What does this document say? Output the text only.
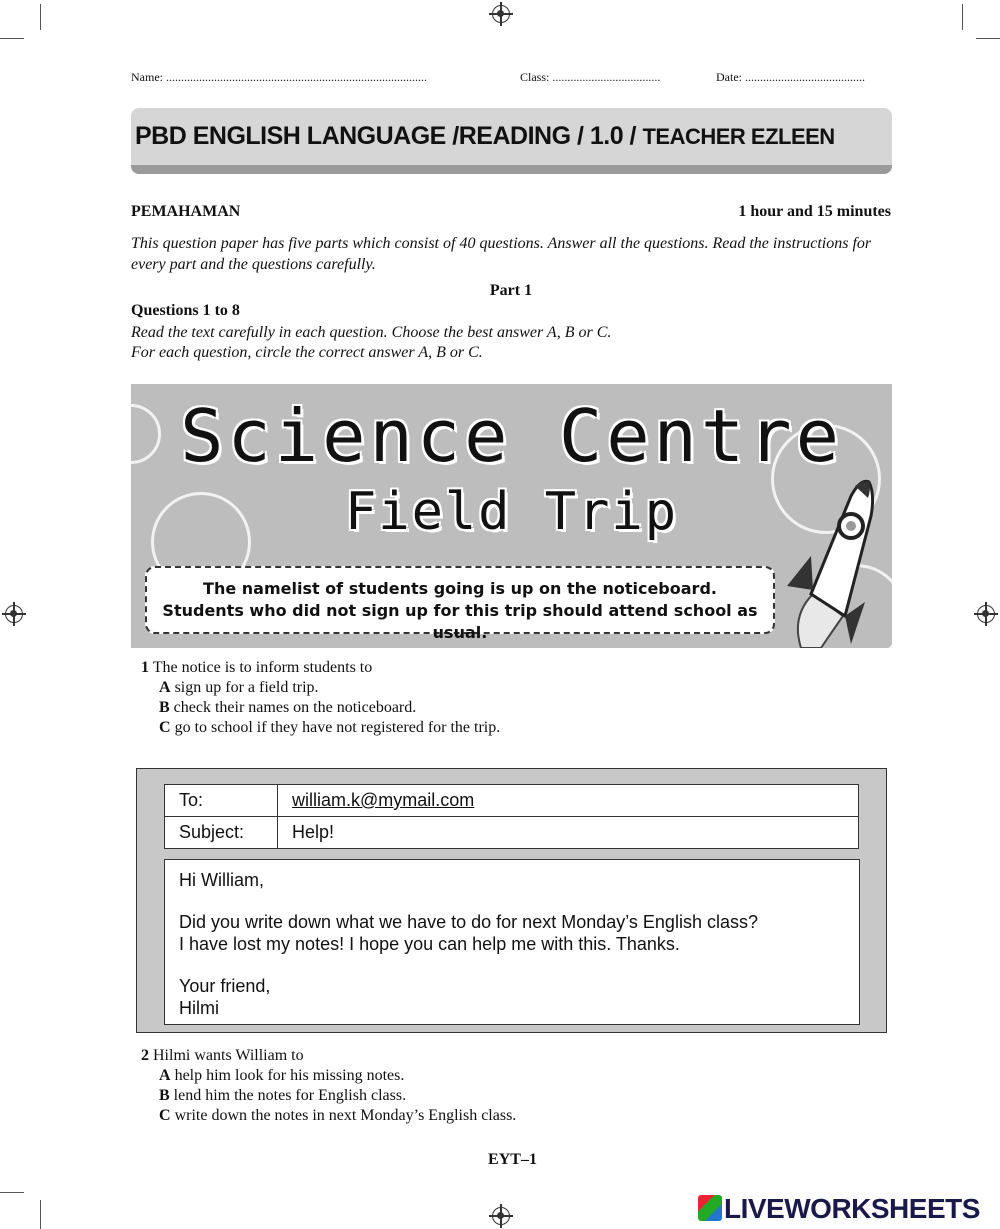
Name: .......................................................................................	Class: ....................................	Date: ........................................
PBD ENGLISH LANGUAGE /READING / 1.0 / TEACHER EZLEEN
PEMAHAMAN	1 hour and 15 minutes
This question paper has five parts which consist of 40 questions. Answer all the questions. Read the instructions for every part and the questions carefully.
Part 1
Questions 1 to 8
Read the text carefully in each question. Choose the best answer A, B or C.
For each question, circle the correct answer A, B or C.
Science Centre
Field Trip
The namelist of students going is up on the noticeboard.
Students who did not sign up for this trip should attend school as usual.
1 The notice is to inform students to
A sign up for a field trip.
B check their names on the noticeboard.
C go to school if they have not registered for the trip.
To:	william.k@mymail.com
Subject:	Help!
Hi William,
Did you write down what we have to do for next Monday’s English class?
I have lost my notes! I hope you can help me with this. Thanks.
Your friend,
Hilmi
2 Hilmi wants William to
A help him look for his missing notes.
B lend him the notes for English class.
C write down the notes in next Monday’s English class.
EYT–1
LIVEWORKSHEETS
